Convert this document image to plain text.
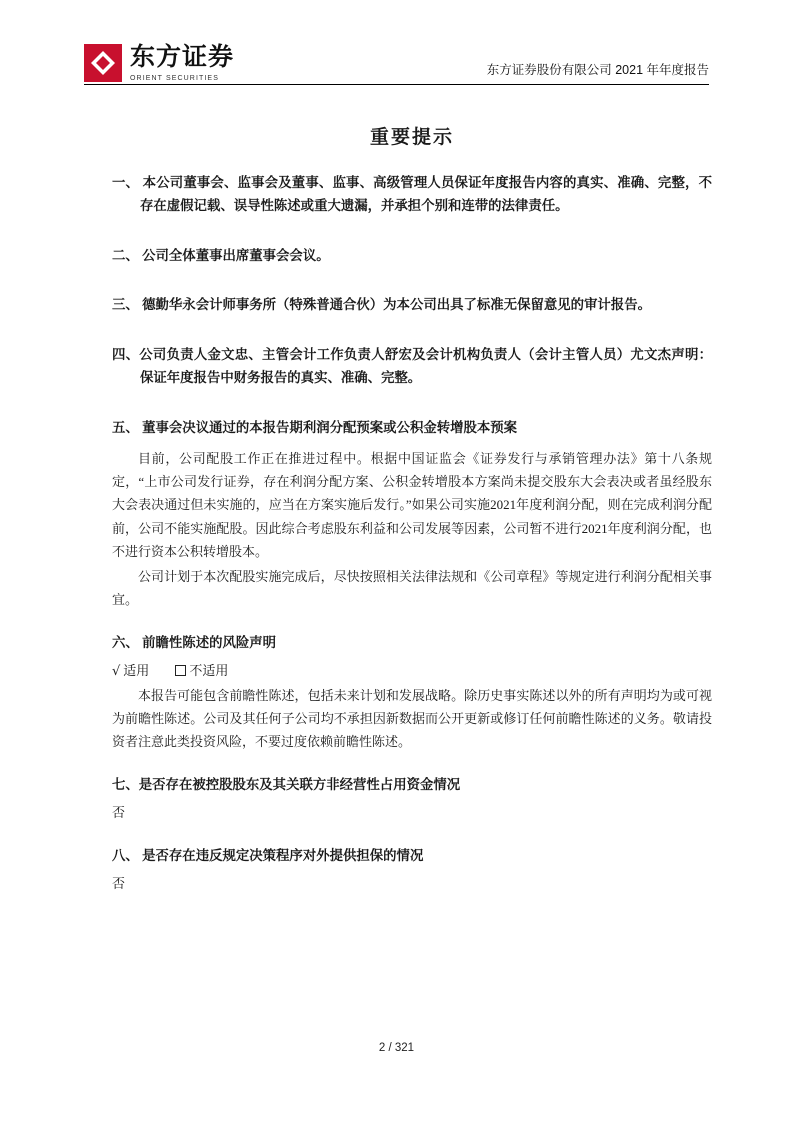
东方证券
ORIENT SECURITIES
东方证券股份有限公司 2021 年年度报告
重要提示
一、 本公司董事会、监事会及董事、监事、高级管理人员保证年度报告内容的真实、准确、完整，不存在虚假记载、误导性陈述或重大遗漏，并承担个别和连带的法律责任。
二、 公司全体董事出席董事会会议。
三、 德勤华永会计师事务所（特殊普通合伙）为本公司出具了标准无保留意见的审计报告。
四、公司负责人金文忠、主管会计工作负责人舒宏及会计机构负责人（会计主管人员）尤文杰声明：保证年度报告中财务报告的真实、准确、完整。
五、 董事会决议通过的本报告期利润分配预案或公积金转增股本预案

目前，公司配股工作正在推进过程中。根据中国证监会《证券发行与承销管理办法》第十八条规定，“上市公司发行证券，存在利润分配方案、公积金转增股本方案尚未提交股东大会表决或者虽经股东大会表决通过但未实施的，应当在方案实施后发行。”如果公司实施2021年度利润分配，则在完成利润分配前，公司不能实施配股。因此综合考虑股东利益和公司发展等因素，公司暂不进行2021年度利润分配，也不进行资本公积转增股本。

公司计划于本次配股实施完成后，尽快按照相关法律法规和《公司章程》等规定进行利润分配相关事宜。

六、 前瞻性陈述的风险声明
√ 适用	不适用

本报告可能包含前瞻性陈述，包括未来计划和发展战略。除历史事实陈述以外的所有声明均为或可视为前瞻性陈述。公司及其任何子公司均不承担因新数据而公开更新或修订任何前瞻性陈述的义务。敬请投资者注意此类投资风险，不要过度依赖前瞻性陈述。

七、是否存在被控股股东及其关联方非经营性占用资金情况

否

八、 是否存在违反规定决策程序对外提供担保的情况

否

2 / 321
